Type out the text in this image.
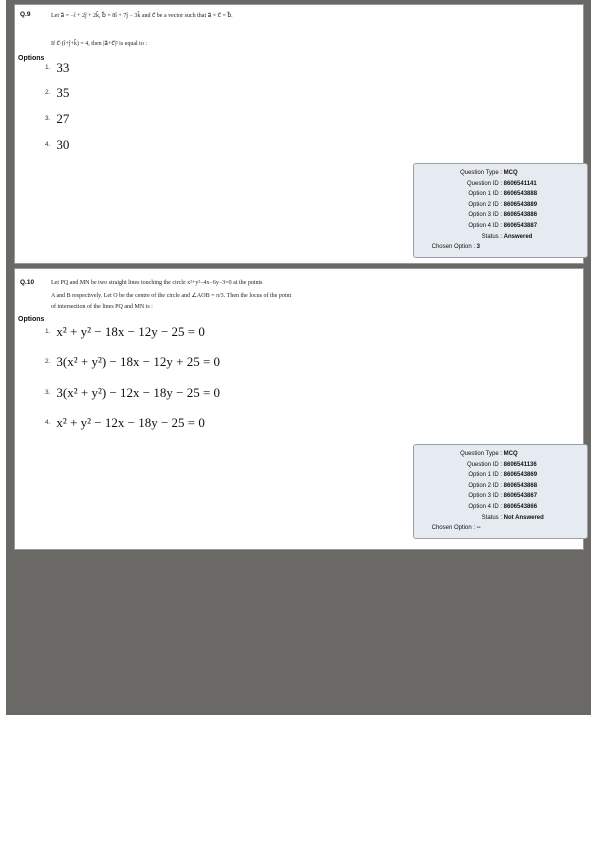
Q.9	Let a⃗ = −î + 2ĵ + 2k̂, b⃗ = 8î + 7ĵ − 3k̂ and c⃗ be a vector such that a⃗ × c⃗ = b⃗.
If c⃗·(î+ĵ+k̂) = 4, then |a⃗+c⃗|² is equal to :
Options
1. 33
2. 35
3. 27
4. 30
Question Type : MCQ
Question ID : 8606541141
Option 1 ID : 8606543888
Option 2 ID : 8606543889
Option 3 ID : 8606543886
Option 4 ID : 8606543887
Status : Answered
Chosen Option : 3
Q.10	Let PQ and MN be two straight lines touching the circle x²+y²−4x−6y−3=0 at the points
A and B respectively. Let O be the centre of the circle and ∠AOB = π/3. Then the locus of the point
of intersection of the lines PQ and MN is :
Options
1. x² + y² − 18x − 12y − 25 = 0
2. 3(x² + y²) − 18x − 12y + 25 = 0
3. 3(x² + y²) − 12x − 18y − 25 = 0
4. x² + y² − 12x − 18y − 25 = 0
Question Type : MCQ
Question ID : 8606541136
Option 1 ID : 8606543869
Option 2 ID : 8606543868
Option 3 ID : 8606543867
Option 4 ID : 8606543866
Status : Not Answered
Chosen Option : --
